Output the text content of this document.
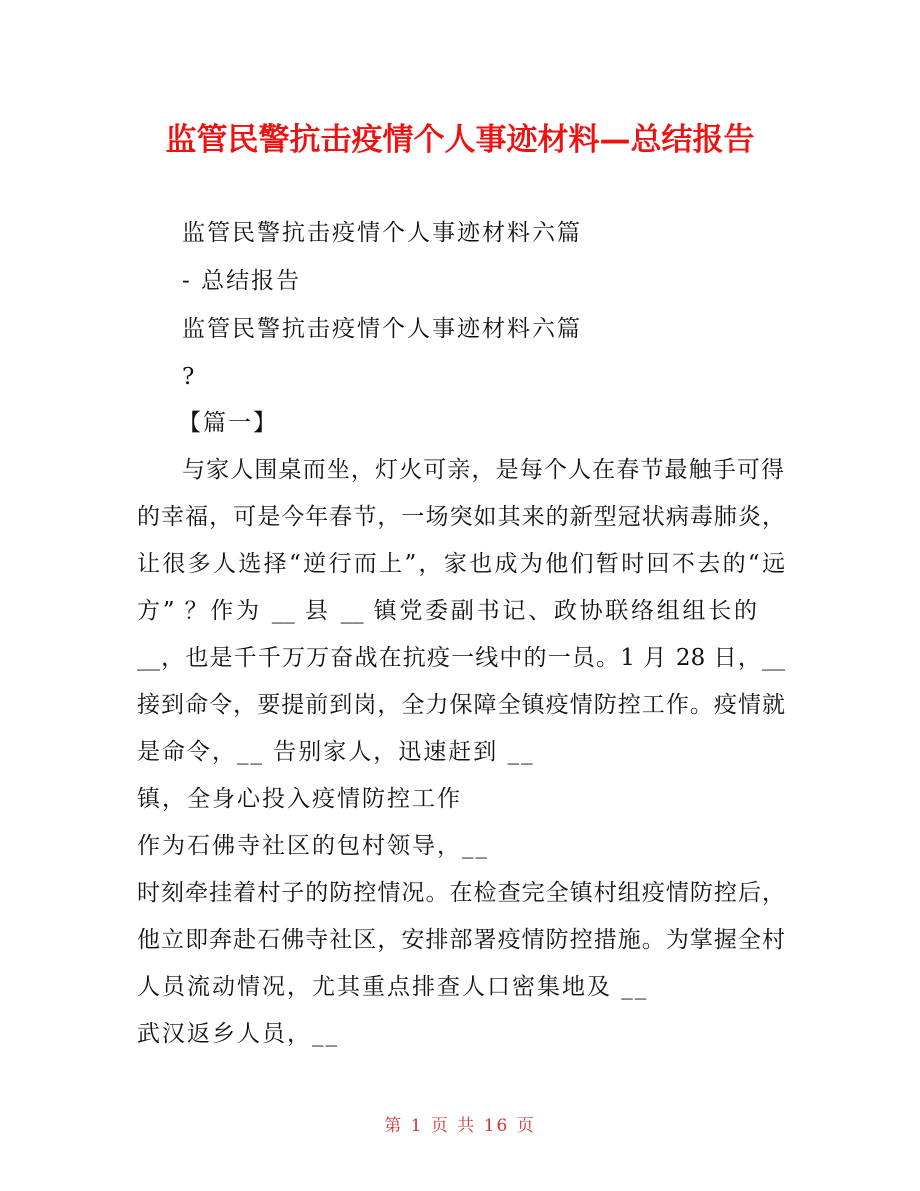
监管民警抗击疫情个人事迹材料—总结报告
监管民警抗击疫情个人事迹材料六篇
- 总结报告
监管民警抗击疫情个人事迹材料六篇
?
【篇一】
与家人围桌而坐，灯火可亲，是每个人在春节最触手可得
的幸福，可是今年春节，一场突如其来的新型冠状病毒肺炎，
让很多人选择“逆行而上”，家也成为他们暂时回不去的“远
方” ？作为 __ 县 __ 镇党委副书记、政协联络组组长的
__，也是千千万万奋战在抗疫一线中的一员。1 月 28 日，__
接到命令，要提前到岗，全力保障全镇疫情防控工作。疫情就
是命令，__ 告别家人，迅速赶到 __
镇，全身心投入疫情防控工作
作为石佛寺社区的包村领导，__
时刻牵挂着村子的防控情况。在检查完全镇村组疫情防控后，
他立即奔赴石佛寺社区，安排部署疫情防控措施。为掌握全村
人员流动情况，尤其重点排查人口密集地及 __
武汉返乡人员，__
第 1 页 共 16 页
